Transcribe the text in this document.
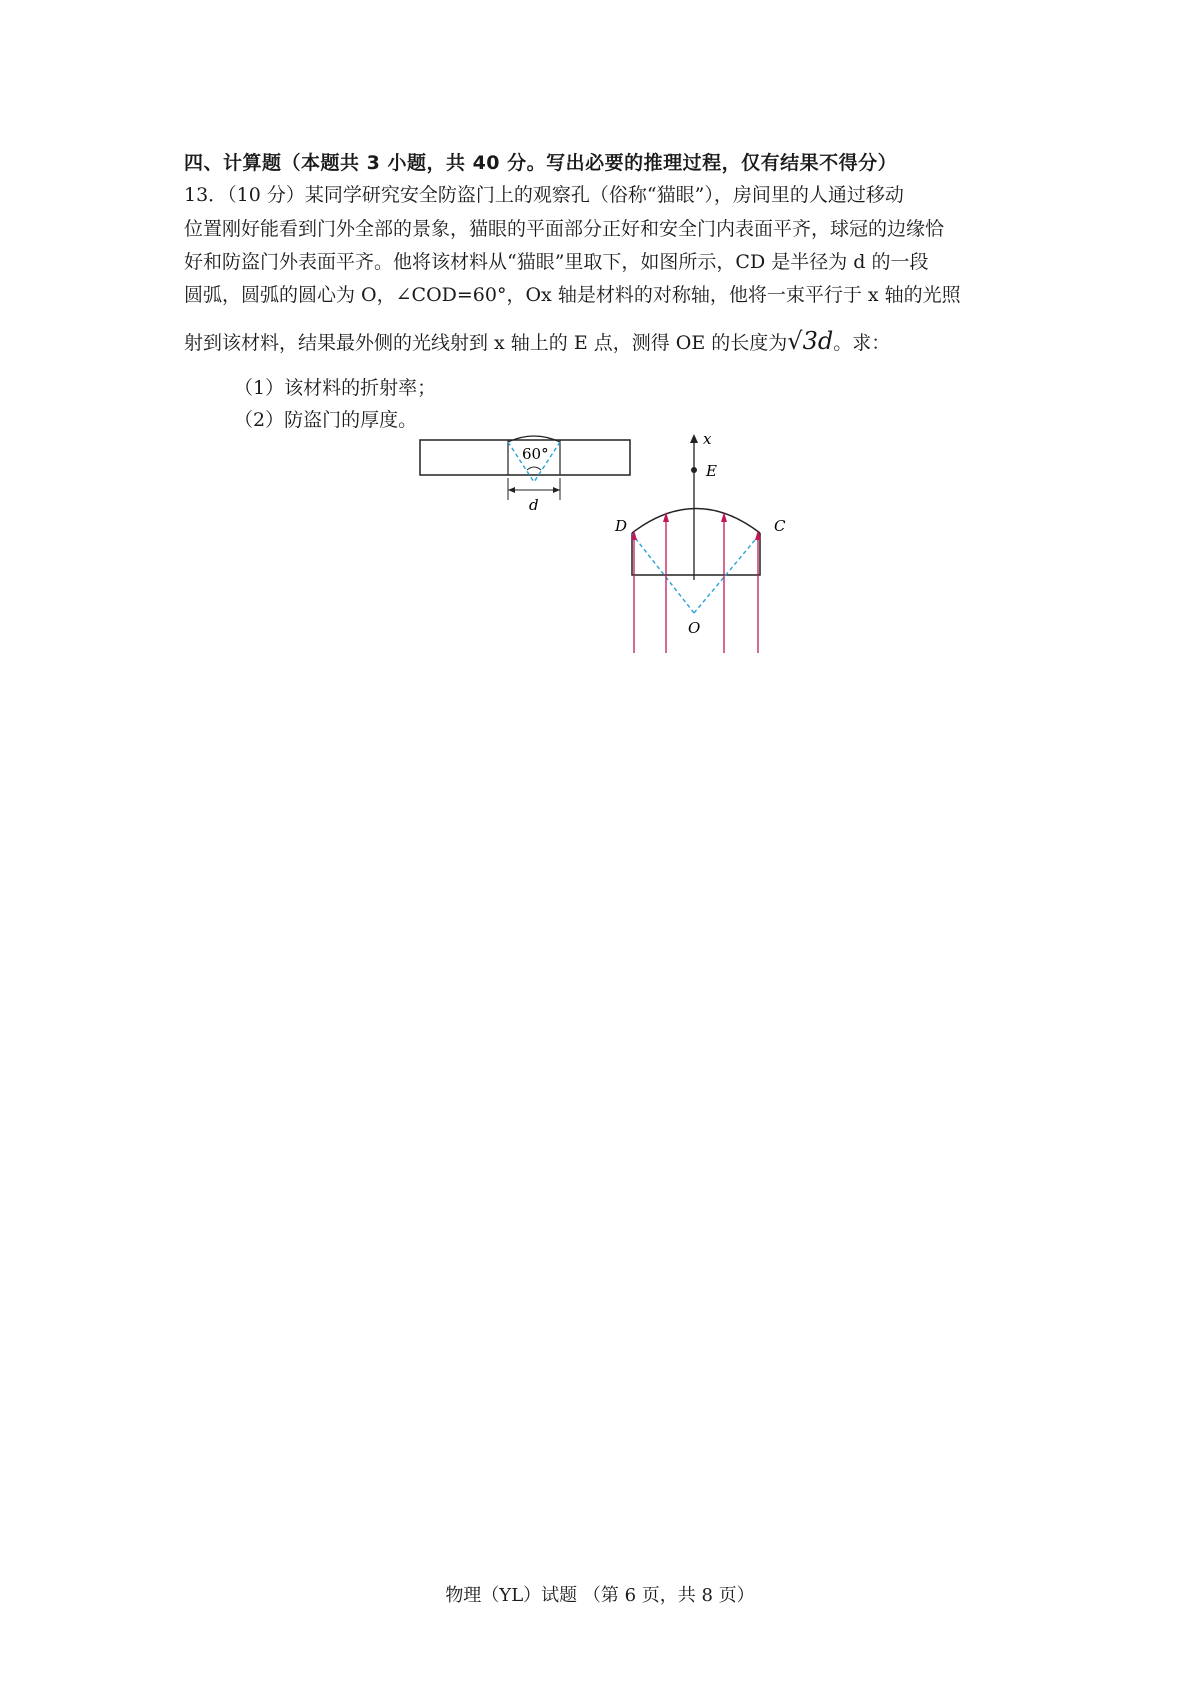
四、计算题（本题共 3 小题，共 40 分。写出必要的推理过程，仅有结果不得分）
13．（10 分）某同学研究安全防盗门上的观察孔（俗称“猫眼”），房间里的人通过移动
位置刚好能看到门外全部的景象，猫眼的平面部分正好和安全门内表面平齐，球冠的边缘恰
好和防盗门外表面平齐。他将该材料从“猫眼”里取下，如图所示，CD 是半径为 d 的一段
圆弧，圆弧的圆心为 O，∠COD=60°，Ox 轴是材料的对称轴，他将一束平行于 x 轴的光照
射到该材料，结果最外侧的光线射到 x 轴上的 E 点，测得 OE 的长度为√3d。求：
（1）该材料的折射率；
（2）防盗门的厚度。
60°
d
x
E
D	C
O
物理（YL）试题 （第 6 页，共 8 页）
